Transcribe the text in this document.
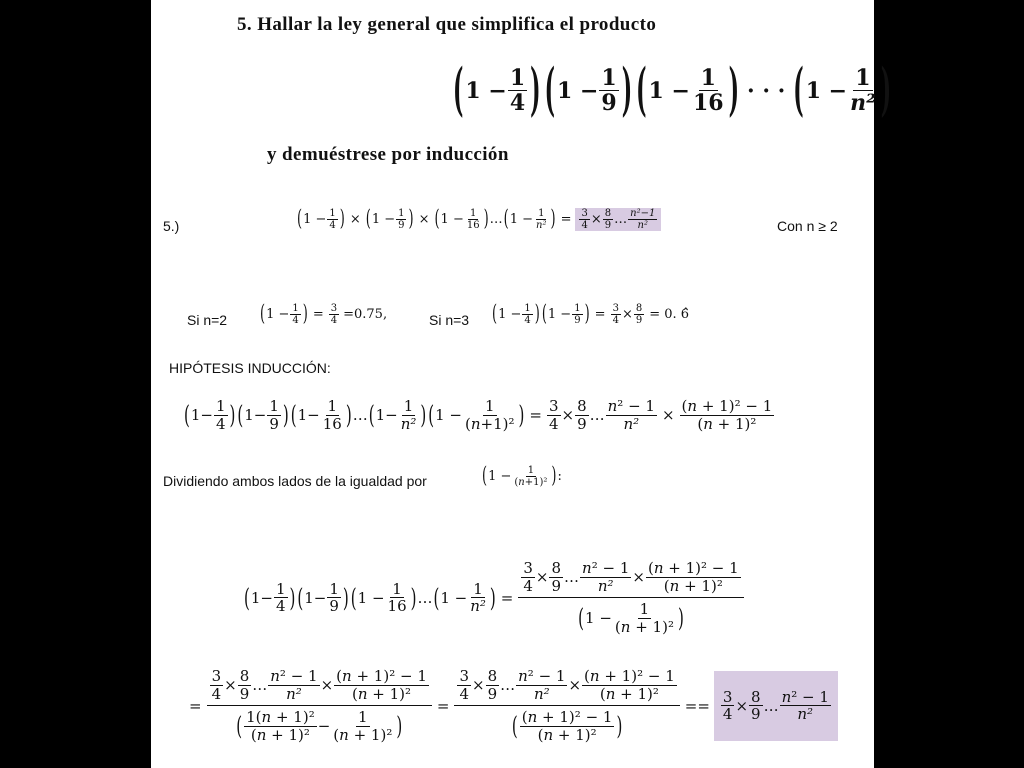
5. Hallar la ley general que simplifica el producto
( $1 - \frac{1}{4}$ ) ( $1 - \frac{1}{9}$ ) ( $1 - \frac{1}{16}$ ) · · · ( $1 - \frac{1}{\text{n²}}$ )
y demuéstrese por inducción
5.)	( $1 - \frac{1}{4}$ ) × ( $1 - \frac{1}{9}$ ) × ( $1 - \frac{1}{16}$ ) … ( $1 - \frac{1}{\text{n²}}$ ) = $\frac{3}{4} \times \frac{8}{9}$ … $\frac{\text{n²−1}}{\text{n²}}$	Con n ≥ 2
Si n=2	( $1 - \frac{1}{4}$ ) = $\frac{3}{4} =0.75$,	Si n=3 ( $1 - \frac{1}{4}$ ) ( $1 - \frac{1}{9}$ ) = $\frac{3}{4} \times \frac{8}{9} = 0$. 6̂
HIPÓTESIS INDUCCIÓN:
( $1- \frac{1}{4}$ ) ( $1- \frac{1}{9}$ ) ( $1- \frac{1}{16}$ ) … ( $1- \frac{1}{\text{n²}}$ ) ( $1 - \frac{1}{\text{(n+1)²}}$ ) = $\frac{3}{4} \times \frac{8}{9}$ … $\frac{\text{n² − 1}}{\text{n²}} \times \frac{\text{(n + 1)² − 1}}{\text{(n + 1)²}}$
Dividiendo ambos lados de la igualdad por	( $1 - \frac{1}{\text{(n+1)²}}$ ) :
( $1- \frac{1}{4}$ ) ( $1- \frac{1}{9}$ ) ( $1 - \frac{1}{16}$ ) … ( $1 - \frac{1}{\text{n²}}$ ) = $\frac{\frac{3}{4} \times \frac{8}{9} \dots \frac{\text{n² − 1}}{\text{n²}} \times \frac{\text{(n + 1)² − 1}}{\text{(n + 1)²}}}{( 1 - \frac{1}{\text{(n + 1)²}} )}$
= $\frac{\frac{3}{4} \times \frac{8}{9} \dots \frac{\text{n² − 1}}{\text{n²}} \times \frac{\text{(n + 1)² − 1}}{\text{(n + 1)²}}}{( \frac{\text{1(n + 1)²}}{\text{(n + 1)²}} - \frac{1}{\text{(n + 1)²}} )} = \frac{\frac{3}{4} \times \frac{8}{9} \dots \frac{\text{n² − 1}}{\text{n²}} \times \frac{\text{(n + 1)² − 1}}{\text{(n + 1)²}}}{( \frac{\text{(n + 1)² − 1}}{\text{(n + 1)²}} )} == \frac{3}{4} \times \frac{8}{9}$ … $\frac{\text{n² − 1}}{\text{n²}}$
